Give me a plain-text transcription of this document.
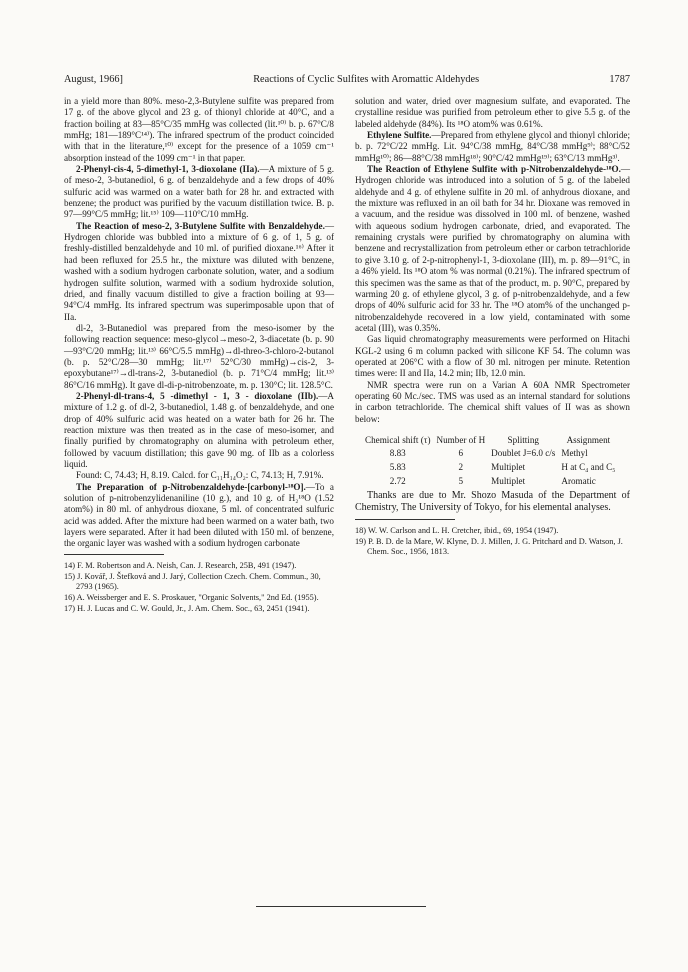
August, 1966]	Reactions of Cyclic Sulfites with Aromattic Aldehydes	1787

in a yield more than 80%. meso-2,3-Butylene sulfite was prepared from 17 g. of the above glycol and 23 g. of thionyl chloride at 40°C, and a fraction boiling at 83—85°C/35 mmHg was collected (lit.¹⁰⁾ b. p. 67°C/8 mmHg; 181—189°C¹⁴⁾). The infrared spectrum of the product coincided with that in the literature,¹⁰⁾ except for the presence of a 1059 cm⁻¹ absorption instead of the 1099 cm⁻¹ in that paper.

2-Phenyl-cis-4, 5-dimethyl-1, 3-dioxolane (IIa).—A mixture of 5 g. of meso-2, 3-butanediol, 6 g. of benzaldehyde and a few drops of 40% sulfuric acid was warmed on a water bath for 28 hr. and extracted with benzene; the product was purified by the vacuum distillation twice. B. p. 97—99°C/5 mmHg; lit.¹⁵⁾ 109—110°C/10 mmHg.

The Reaction of meso-2, 3-Butylene Sulfite with Benzaldehyde.—Hydrogen chloride was bubbled into a mixture of 6 g. of 1, 5 g. of freshly-distilled benzaldehyde and 10 ml. of purified dioxane.¹⁶⁾ After it had been refluxed for 25.5 hr., the mixture was diluted with benzene, washed with a sodium hydrogen carbonate solution, water, and a sodium hydrogen sulfite solution, warmed with a sodium hydroxide solution, dried, and finally vacuum distilled to give a fraction boiling at 93—94°C/4 mmHg. Its infrared spectrum was superimposable upon that of IIa.

dl-2, 3-Butanediol was prepared from the meso-isomer by the following reaction sequence: meso-glycol→meso-2, 3-diacetate (b. p. 90—93°C/20 mmHg; lit.¹³⁾ 66°C/5.5 mmHg)→dl-threo-3-chloro-2-butanol (b. p. 52°C/28—30 mmHg; lit.¹⁷⁾ 52°C/30 mmHg)→cis-2, 3-epoxybutane¹⁷⁾→dl-trans-2, 3-butanediol (b. p. 71°C/4 mmHg; lit.¹³⁾ 86°C/16 mmHg). It gave dl-di-p-nitrobenzoate, m. p. 130°C; lit. 128.5°C.

2-Phenyl-dl-trans-4, 5 -dimethyl - 1, 3 - dioxolane (IIb).—A mixture of 1.2 g. of dl-2, 3-butanediol, 1.48 g. of benzaldehyde, and one drop of 40% sulfuric acid was heated on a water bath for 26 hr. The reaction mixture was then treated as in the case of meso-isomer, and finally purified by chromatography on alumina with petroleum ether, followed by vacuum distillation; this gave 90 mg. of IIb as a colorless liquid.

Found: C, 74.43; H, 8.19. Calcd. for C₁₁H₁₄O₂: C, 74.13; H, 7.91%.

The Preparation of p-Nitrobenzaldehyde-[carbonyl-¹⁸O].—To a solution of p-nitrobenzylidenaniline (10 g.), and 10 g. of H₂¹⁸O (1.52 atom%) in 80 ml. of anhydrous dioxane, 5 ml. of concentrated sulfuric acid was added. After the mixture had been warmed on a water bath, two layers were separated. After it had been diluted with 150 ml. of benzene, the organic layer was washed with a sodium hydrogen carbonate

14) F. M. Robertson and A. Neish, Can. J. Research, 25B, 491 (1947).
15) J. Kovář, J. Štefková and J. Jarý, Collection Czech. Chem. Commun., 30, 2793 (1965).
16) A. Weissberger and E. S. Proskauer, "Organic Solvents," 2nd Ed. (1955).
17) H. J. Lucas and C. W. Gould, Jr., J. Am. Chem. Soc., 63, 2451 (1941).

solution and water, dried over magnesium sulfate, and evaporated. The crystalline residue was purified from petroleum ether to give 5.5 g. of the labeled aldehyde (84%). Its ¹⁸O atom% was 0.61%.

Ethylene Sulfite.—Prepared from ethylene glycol and thionyl chloride; b. p. 72°C/22 mmHg. Lit. 94°C/38 mmHg, 84°C/38 mmHg⁹⁾; 88°C/52 mmHg¹⁰⁾; 86—88°C/38 mmHg¹⁸⁾; 90°C/42 mmHg¹⁹⁾; 63°C/13 mmHg³⁾.

The Reaction of Ethylene Sulfite with p-Nitrobenzaldehyde-¹⁸O.—Hydrogen chloride was introduced into a solution of 5 g. of the labeled aldehyde and 4 g. of ethylene sulfite in 20 ml. of anhydrous dioxane, and the mixture was refluxed in an oil bath for 34 hr. Dioxane was removed in a vacuum, and the residue was dissolved in 100 ml. of benzene, washed with aqueous sodium hydrogen carbonate, dried, and evaporated. The remaining crystals were purified by chromatography on alumina with benzene and recrystallization from petroleum ether or carbon tetrachloride to give 3.10 g. of 2-p-nitrophenyl-1, 3-dioxolane (III), m. p. 89—91°C, in a 46% yield. Its ¹⁸O atom % was normal (0.21%). The infrared spectrum of this specimen was the same as that of the product, m. p. 90°C, prepared by warming 20 g. of ethylene glycol, 3 g. of p-nitrobenzaldehyde, and a few drops of 40% sulfuric acid for 33 hr. The ¹⁸O atom% of the unchanged p-nitrobenzaldehyde recovered in a low yield, contaminated with some acetal (III), was 0.35%.

Gas liquid chromatography measurements were performed on Hitachi KGL-2 using 6 m column packed with silicone KF 54. The column was operated at 206°C with a flow of 30 ml. nitrogen per minute. Retention times were: II and IIa, 14.2 min; IIb, 12.0 min.

NMR spectra were run on a Varian A 60A NMR Spectrometer operating 60 Mc./sec. TMS was used as an internal standard for solutions in carbon tetrachloride. The chemical shift values of II was as shown below:

Chemical shift (τ)	Number of H	Splitting	Assignment
8.83	6	Doublet J=6.0 c/s	Methyl
5.83	2	Multiplet	H at C₄ and C₅
2.72	5	Multiplet	Aromatic

Thanks are due to Mr. Shozo Masuda of the Department of Chemistry, The University of Tokyo, for his elemental analyses.

18) W. W. Carlson and L. H. Cretcher, ibid., 69, 1954 (1947).
19) P. B. D. de la Mare, W. Klyne, D. J. Millen, J. G. Pritchard and D. Watson, J. Chem. Soc., 1956, 1813.
